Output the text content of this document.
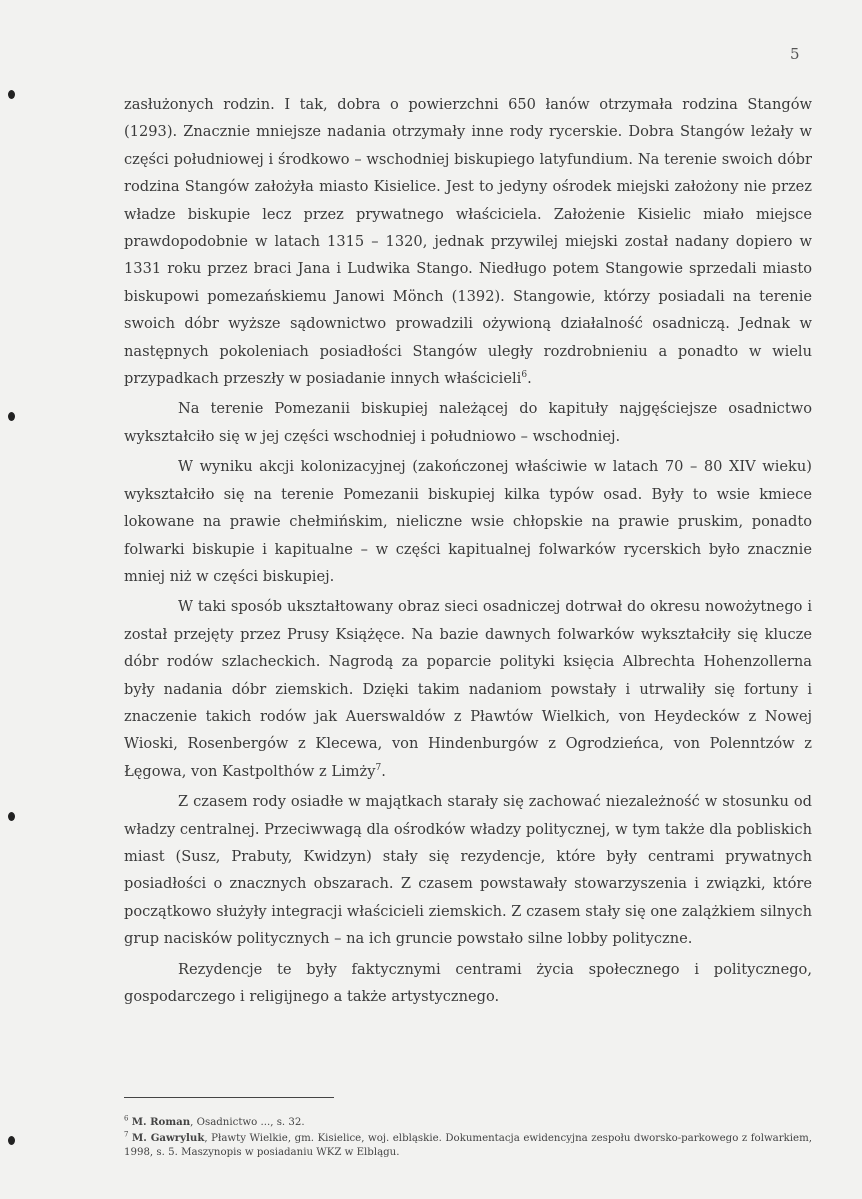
5

zasłużonych rodzin. I tak, dobra o powierzchni 650 łanów otrzymała rodzina Stangów (1293). Znacznie mniejsze nadania otrzymały inne rody rycerskie. Dobra Stangów leżały w części południowej i środkowo – wschodniej biskupiego latyfundium. Na terenie swoich dóbr rodzina Stangów założyła miasto Kisielice. Jest to jedyny ośrodek miejski założony nie przez władze biskupie lecz przez prywatnego właściciela. Założenie Kisielic miało miejsce prawdopodobnie w latach 1315 – 1320, jednak przywilej miejski został nadany dopiero w 1331 roku przez braci Jana i Ludwika Stango. Niedługo potem Stangowie sprzedali miasto biskupowi pomezańskiemu Janowi Mönch (1392). Stangowie, którzy posiadali na terenie swoich dóbr wyższe sądownictwo prowadzili ożywioną działalność osadniczą. Jednak w następnych pokoleniach posiadłości Stangów uległy rozdrobnieniu a ponadto w wielu przypadkach przeszły w posiadanie innych właścicieli$^6$.

Na terenie Pomezanii biskupiej należącej do kapituły najgęściejsze osadnictwo wykształciło się w jej części wschodniej i południowo – wschodniej.

W wyniku akcji kolonizacyjnej (zakończonej właściwie w latach 70 – 80 XIV wieku) wykształciło się na terenie Pomezanii biskupiej kilka typów osad. Były to wsie kmiece lokowane na prawie chełmińskim, nieliczne wsie chłopskie na prawie pruskim, ponadto folwarki biskupie i kapitualne – w części kapitualnej folwarków rycerskich było znacznie mniej niż w części biskupiej.

W taki sposób ukształtowany obraz sieci osadniczej dotrwał do okresu nowożytnego i został przejęty przez Prusy Książęce. Na bazie dawnych folwarków wykształciły się klucze dóbr rodów szlacheckich. Nagrodą za poparcie polityki księcia Albrechta Hohenzollerna były nadania dóbr ziemskich. Dzięki takim nadaniom powstały i utrwaliły się fortuny i znaczenie takich rodów jak Auerswaldów z Pławtów Wielkich, von Heydecków z Nowej Wioski, Rosenbergów z Klecewa, von Hindenburgów z Ogrodzieńca, von Polenntzów z Łęgowa, von Kastpolthów z Limży$^7$.

Z czasem rody osiadłe w majątkach starały się zachować niezależność w stosunku od władzy centralnej. Przeciwwagą dla ośrodków władzy politycznej, w tym także dla pobliskich miast (Susz, Prabuty, Kwidzyn) stały się rezydencje, które były centrami prywatnych posiadłości o znacznych obszarach. Z czasem powstawały stowarzyszenia i związki, które początkowo służyły integracji właścicieli ziemskich. Z czasem stały się one zalążkiem silnych grup nacisków politycznych – na ich gruncie powstało silne lobby polityczne.

Rezydencje te były faktycznymi centrami życia społecznego i politycznego, gospodarczego i religijnego a także artystycznego.

$^6$ M. Roman, Osadnictwo ..., s. 32.

$^7$ M. Gawryluk, Pławty Wielkie, gm. Kisielice, woj. elbląskie. Dokumentacja ewidencyjna zespołu dworsko-parkowego z folwarkiem, 1998, s. 5. Maszynopis w posiadaniu WKZ w Elblągu.
